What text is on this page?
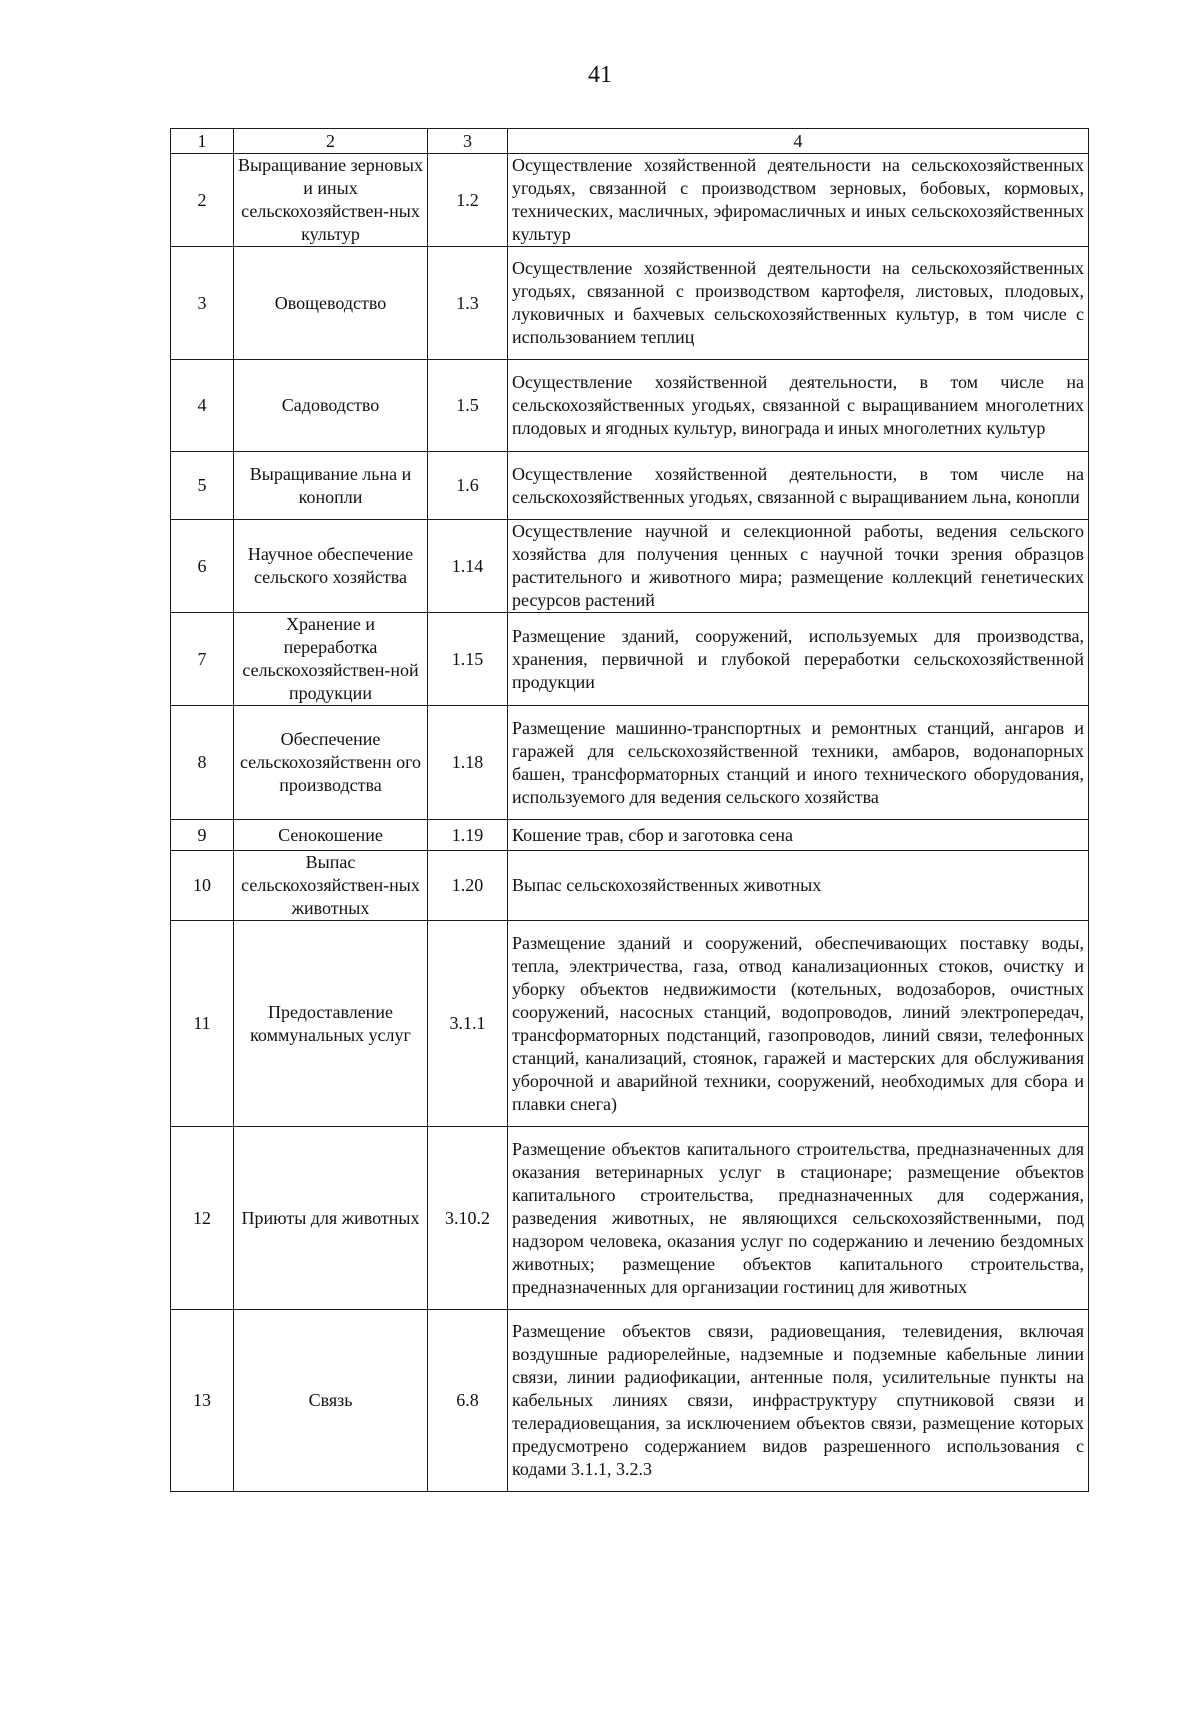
41
1	2	3	4
2	Выращивание зерновых и иных сельскохозяйствен-ных культур	1.2	Осуществление хозяйственной деятельности на сельскохозяйственных угодьях, связанной с производством зерновых, бобовых, кормовых, технических, масличных, эфиромасличных и иных сельскохозяйственных культур
3	Овощеводство	1.3	Осуществление хозяйственной деятельности на сельскохозяйственных угодьях, связанной с производством картофеля, листовых, плодовых, луковичных и бахчевых сельскохозяйственных культур, в том числе с использованием теплиц
4	Садоводство	1.5	Осуществление хозяйственной деятельности, в том числе на сельскохозяйственных угодьях, связанной с выращиванием многолетних плодовых и ягодных культур, винограда и иных многолетних культур
5	Выращивание льна и конопли	1.6	Осуществление хозяйственной деятельности, в том числе на сельскохозяйственных угодьях, связанной с выращиванием льна, конопли
6	Научное обеспечение сельского хозяйства	1.14	Осуществление научной и селекционной работы, ведения сельского хозяйства для получения ценных с научной точки зрения образцов растительного и животного мира; размещение коллекций генетических ресурсов растений
7	Хранение и переработка сельскохозяйствен-ной продукции	1.15	Размещение зданий, сооружений, используемых для производства, хранения, первичной и глубокой переработки сельскохозяйственной продукции
8	Обеспечение сельскохозяйственн ого производства	1.18	Размещение машинно-транспортных и ремонтных станций, ангаров и гаражей для сельскохозяйственной техники, амбаров, водонапорных башен, трансформаторных станций и иного технического оборудования, используемого для ведения сельского хозяйства
9	Сенокошение	1.19	Кошение трав, сбор и заготовка сена
10	Выпас сельскохозяйствен-ных животных	1.20	Выпас сельскохозяйственных животных
11	Предоставление коммунальных услуг	3.1.1	Размещение зданий и сооружений, обеспечивающих поставку воды, тепла, электричества, газа, отвод канализационных стоков, очистку и уборку объектов недвижимости (котельных, водозаборов, очистных сооружений, насосных станций, водопроводов, линий электропередач, трансформаторных подстанций, газопроводов, линий связи, телефонных станций, канализаций, стоянок, гаражей и мастерских для обслуживания уборочной и аварийной техники, сооружений, необходимых для сбора и плавки снега)
12	Приюты для животных	3.10.2	Размещение объектов капитального строительства, предназначенных для оказания ветеринарных услуг в стационаре; размещение объектов капитального строительства, предназначенных для содержания, разведения животных, не являющихся сельскохозяйственными, под надзором человека, оказания услуг по содержанию и лечению бездомных животных; размещение объектов капитального строительства, предназначенных для организации гостиниц для животных
13	Связь	6.8	Размещение объектов связи, радиовещания, телевидения, включая воздушные радиорелейные, надземные и подземные кабельные линии связи, линии радиофикации, антенные поля, усилительные пункты на кабельных линиях связи, инфраструктуру спутниковой связи и телерадиовещания, за исключением объектов связи, размещение которых предусмотрено содержанием видов разрешенного использования с кодами 3.1.1, 3.2.3
